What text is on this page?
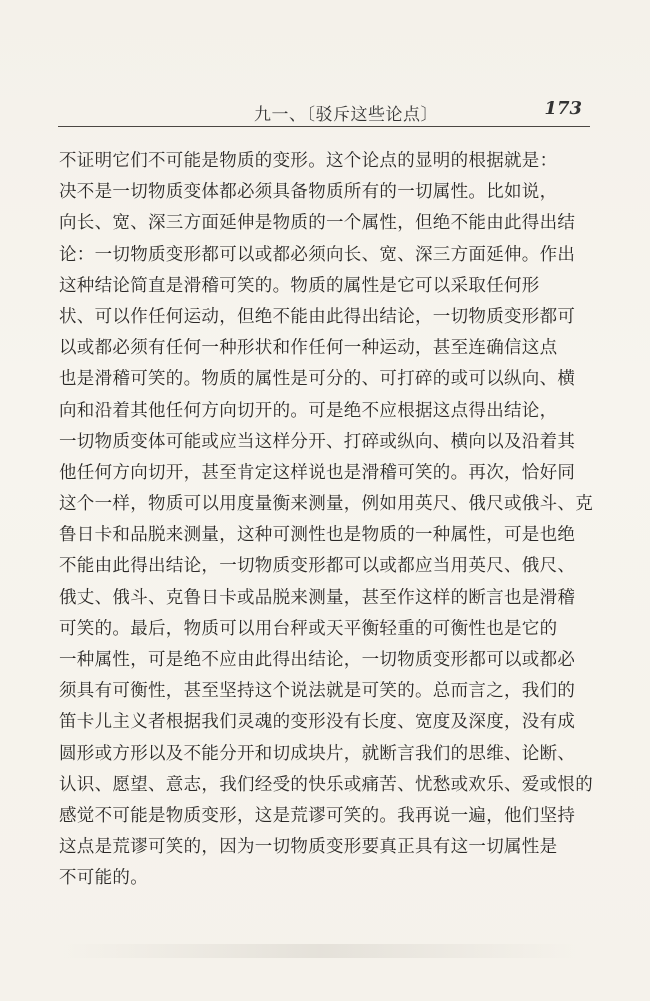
九一、〔驳斥这些论点〕	173
不证明它们不可能是物质的变形。这个论点的显明的根据就是：
决不是一切物质变体都必须具备物质所有的一切属性。比如说，
向长、宽、深三方面延伸是物质的一个属性，但绝不能由此得出结
论：一切物质变形都可以或都必须向长、宽、深三方面延伸。作出
这种结论简直是滑稽可笑的。物质的属性是它可以采取任何形
状、可以作任何运动，但绝不能由此得出结论，一切物质变形都可
以或都必须有任何一种形状和作任何一种运动，甚至连确信这点
也是滑稽可笑的。物质的属性是可分的、可打碎的或可以纵向、横
向和沿着其他任何方向切开的。可是绝不应根据这点得出结论，
一切物质变体可能或应当这样分开、打碎或纵向、横向以及沿着其
他任何方向切开，甚至肯定这样说也是滑稽可笑的。再次，恰好同
这个一样，物质可以用度量衡来测量，例如用英尺、俄尺或俄斗、克
鲁日卡和品脱来测量，这种可测性也是物质的一种属性，可是也绝
不能由此得出结论，一切物质变形都可以或都应当用英尺、俄尺、
俄丈、俄斗、克鲁日卡或品脱来测量，甚至作这样的断言也是滑稽
可笑的。最后，物质可以用台秤或天平衡轻重的可衡性也是它的
一种属性，可是绝不应由此得出结论，一切物质变形都可以或都必
须具有可衡性，甚至坚持这个说法就是可笑的。总而言之，我们的
笛卡儿主义者根据我们灵魂的变形没有长度、宽度及深度，没有成
圆形或方形以及不能分开和切成块片，就断言我们的思维、论断、
认识、愿望、意志，我们经受的快乐或痛苦、忧愁或欢乐、爱或恨的
感觉不可能是物质变形，这是荒谬可笑的。我再说一遍，他们坚持
这点是荒谬可笑的，因为一切物质变形要真正具有这一切属性是
不可能的。
